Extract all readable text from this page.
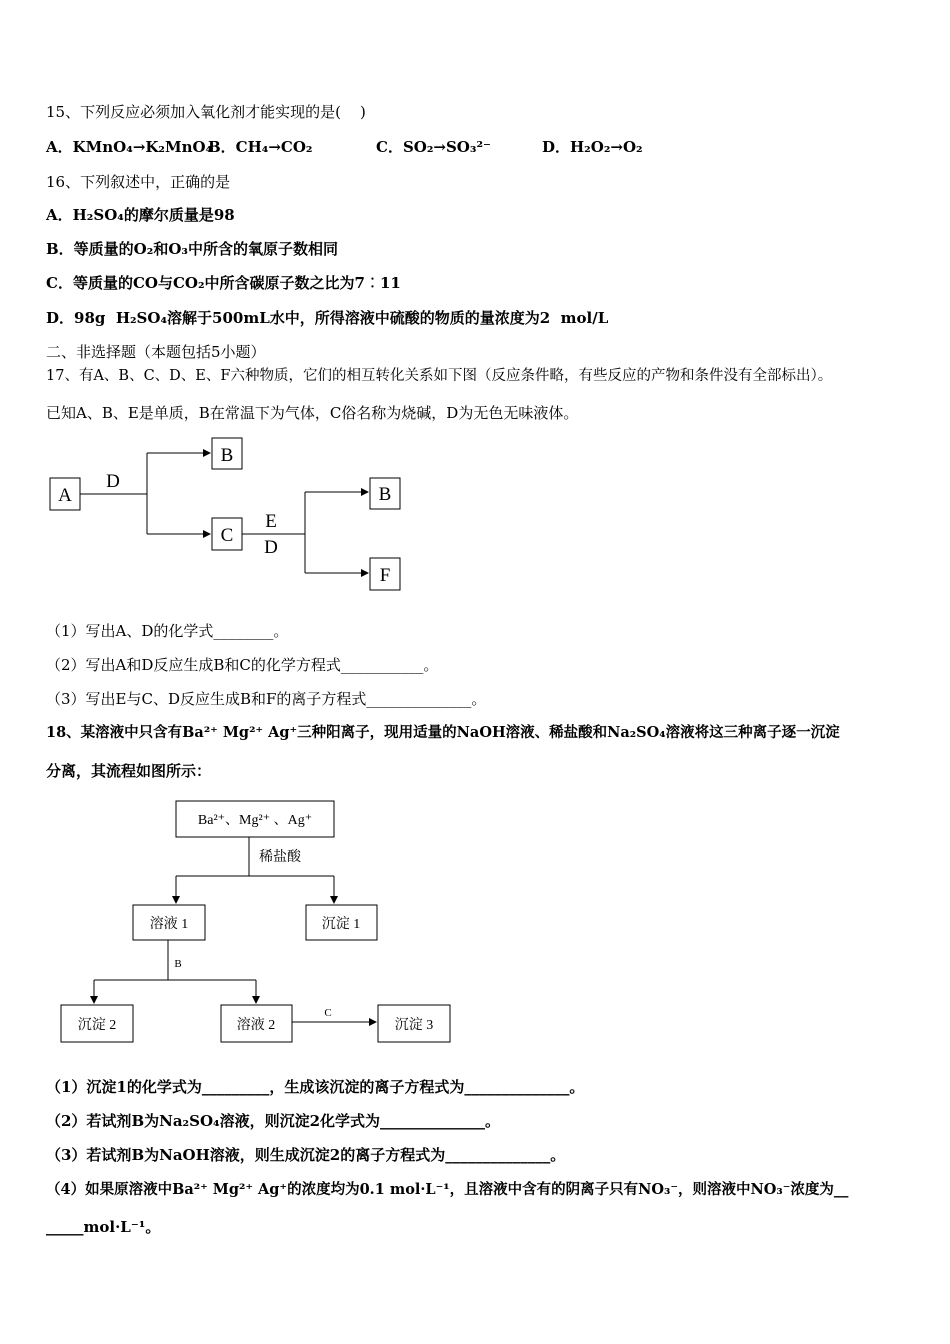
15、下列反应必须加入氧化剂才能实现的是(    )
A．KMnO₄→K₂MnO₄
B．CH₄→CO₂	C．SO₂→SO₃²⁻	D．H₂O₂→O₂
16、下列叙述中，正确的是
A．H₂SO₄的摩尔质量是98
B．等质量的O₂和O₃中所含的氧原子数相同
C．等质量的CO与CO₂中所含碳原子数之比为7︰11
D．98g  H₂SO₄溶解于500mL水中，所得溶液中硫酸的物质的量浓度为2  mol/L
二、非选择题（本题包括5小题）
17、有A、B、C、D、E、F六种物质，它们的相互转化关系如下图（反应条件略，有些反应的产物和条件没有全部标出）。
已知A、B、E是单质，B在常温下为气体，C俗名称为烧碱，D为无色无味液体。
A
D
B
C
E
D
B
F
Ba²⁺、Mg²⁺ 、Ag⁺
稀盐酸
溶液 1	沉淀 1
B
沉淀 2	溶液 2
C
沉淀 3
（1）写出A、D的化学式________。
（2）写出A和D反应生成B和C的化学方程式___________。
（3）写出E与C、D反应生成B和F的离子方程式______________。
18、某溶液中只含有Ba²⁺ Mg²⁺ Ag⁺三种阳离子，现用适量的NaOH溶液、稀盐酸和Na₂SO₄溶液将这三种离子逐一沉淀
分离，其流程如图所示：
（1）沉淀1的化学式为_________，生成该沉淀的离子方程式为______________。
（2）若试剂B为Na₂SO₄溶液，则沉淀2化学式为______________。
（3）若试剂B为NaOH溶液，则生成沉淀2的离子方程式为______________。
（4）如果原溶液中Ba²⁺ Mg²⁺ Ag⁺的浓度均为0.1 mol·L⁻¹，且溶液中含有的阴离子只有NO₃⁻，则溶液中NO₃⁻浓度为__
_____mol·L⁻¹。
